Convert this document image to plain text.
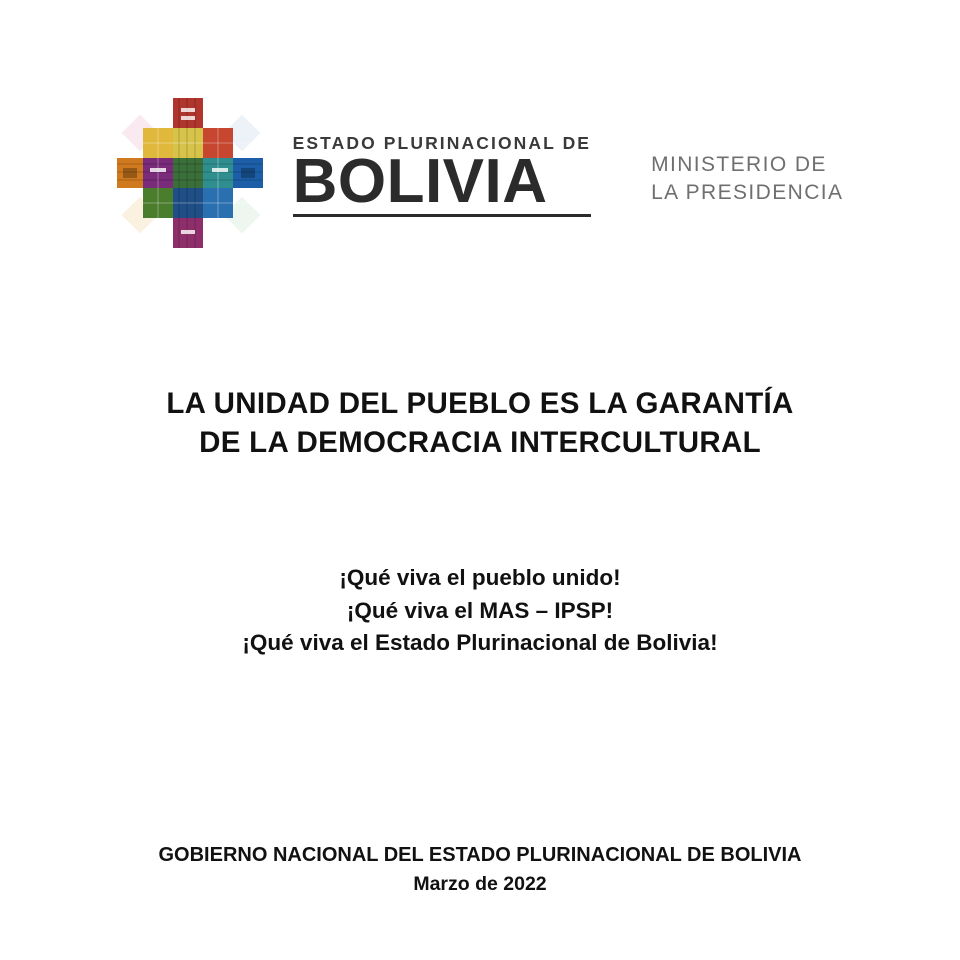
ESTADO PLURINACIONAL DE
BOLIVIA	MINISTERIO DE
LA PRESIDENCIA
LA UNIDAD DEL PUEBLO ES LA GARANTÍA
DE LA DEMOCRACIA INTERCULTURAL
¡Qué viva el pueblo unido!
¡Qué viva el MAS – IPSP!
¡Qué viva el Estado Plurinacional de Bolivia!
GOBIERNO NACIONAL DEL ESTADO PLURINACIONAL DE BOLIVIA
Marzo de 2022
